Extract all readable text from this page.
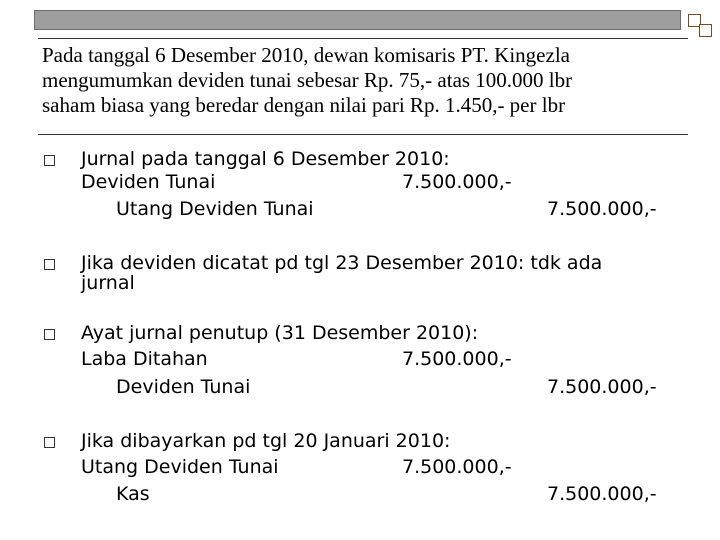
Pada tanggal 6 Desember 2010, dewan komisaris PT. Kingezla
mengumumkan deviden tunai sebesar Rp. 75,- atas 100.000 lbr
saham biasa yang beredar dengan nilai pari Rp. 1.450,- per lbr

Jurnal pada tanggal 6 Desember 2010:
Deviden Tunai	7.500.000,-
Utang Deviden Tunai	7.500.000,-
Jika deviden dicatat pd tgl 23 Desember 2010: tdk ada
jurnal
Ayat jurnal penutup (31 Desember 2010):
Laba Ditahan	7.500.000,-
Deviden Tunai	7.500.000,-
Jika dibayarkan pd tgl 20 Januari 2010:
Utang Deviden Tunai	7.500.000,-
Kas	7.500.000,-
